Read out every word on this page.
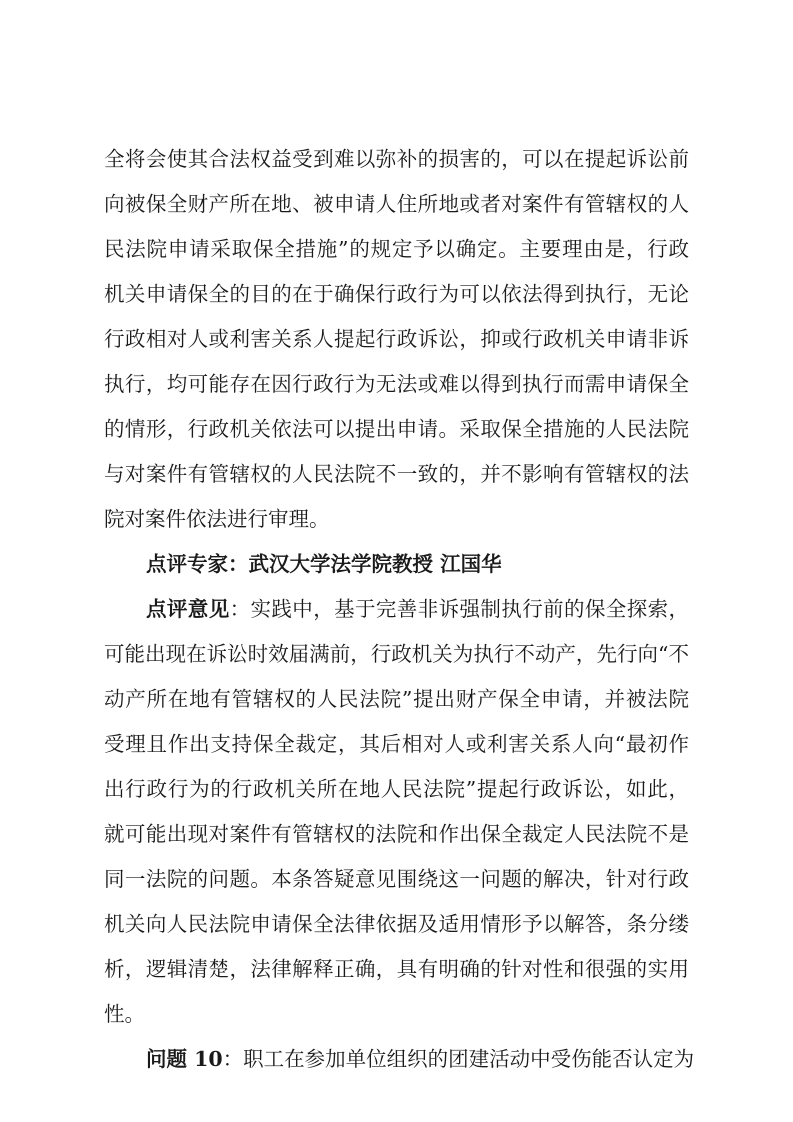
全将会使其合法权益受到难以弥补的损害的，可以在提起诉讼前
向被保全财产所在地、被申请人住所地或者对案件有管辖权的人
民法院申请采取保全措施”的规定予以确定。主要理由是，行政
机关申请保全的目的在于确保行政行为可以依法得到执行，无论
行政相对人或利害关系人提起行政诉讼，抑或行政机关申请非诉
执行，均可能存在因行政行为无法或难以得到执行而需申请保全
的情形，行政机关依法可以提出申请。采取保全措施的人民法院
与对案件有管辖权的人民法院不一致的，并不影响有管辖权的法
院对案件依法进行审理。
点评专家：武汉大学法学院教授 江国华
点评意见：实践中，基于完善非诉强制执行前的保全探索，
可能出现在诉讼时效届满前，行政机关为执行不动产，先行向“不
动产所在地有管辖权的人民法院”提出财产保全申请，并被法院
受理且作出支持保全裁定，其后相对人或利害关系人向“最初作
出行政行为的行政机关所在地人民法院”提起行政诉讼，如此，
就可能出现对案件有管辖权的法院和作出保全裁定人民法院不是
同一法院的问题。本条答疑意见围绕这一问题的解决，针对行政
机关向人民法院申请保全法律依据及适用情形予以解答，条分缕
析，逻辑清楚，法律解释正确，具有明确的针对性和很强的实用
性。
问题 10：职工在参加单位组织的团建活动中受伤能否认定为
